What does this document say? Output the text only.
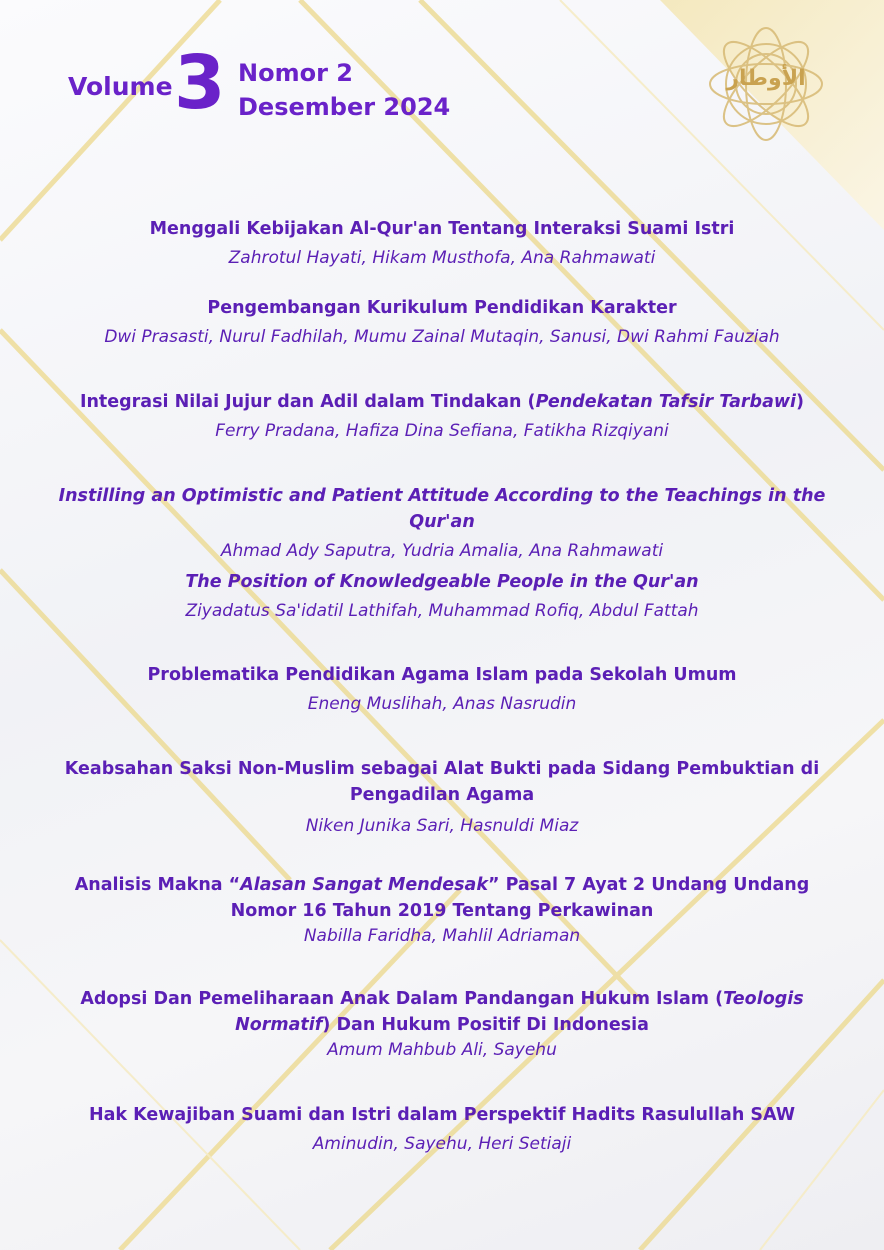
Volume 3 Nomor 2
Desember 2024
الأوطار

Menggali Kebijakan Al-Qur'an Tentang Interaksi Suami Istri

Zahrotul Hayati, Hikam Musthofa, Ana Rahmawati

Pengembangan Kurikulum Pendidikan Karakter

Dwi Prasasti, Nurul Fadhilah, Mumu Zainal Mutaqin, Sanusi, Dwi Rahmi Fauziah

Integrasi Nilai Jujur dan Adil dalam Tindakan (Pendekatan Tafsir Tarbawi)

Ferry Pradana, Hafiza Dina Sefiana, Fatikha Rizqiyani

Instilling an Optimistic and Patient Attitude According to the Teachings in the Qur'an

Ahmad Ady Saputra, Yudria Amalia, Ana Rahmawati

The Position of Knowledgeable People in the Qur'an

Ziyadatus Sa'idatil Lathifah, Muhammad Rofiq, Abdul Fattah

Problematika Pendidikan Agama Islam pada Sekolah Umum

Eneng Muslihah, Anas Nasrudin

Keabsahan Saksi Non-Muslim sebagai Alat Bukti pada Sidang Pembuktian di Pengadilan Agama

Niken Junika Sari, Hasnuldi Miaz

Analisis Makna “Alasan Sangat Mendesak” Pasal 7 Ayat 2 Undang Undang Nomor 16 Tahun 2019 Tentang Perkawinan

Nabilla Faridha, Mahlil Adriaman

Adopsi Dan Pemeliharaan Anak Dalam Pandangan Hukum Islam (Teologis Normatif) Dan Hukum Positif Di Indonesia

Amum Mahbub Ali, Sayehu

Hak Kewajiban Suami dan Istri dalam Perspektif Hadits Rasulullah SAW

Aminudin, Sayehu, Heri Setiaji
